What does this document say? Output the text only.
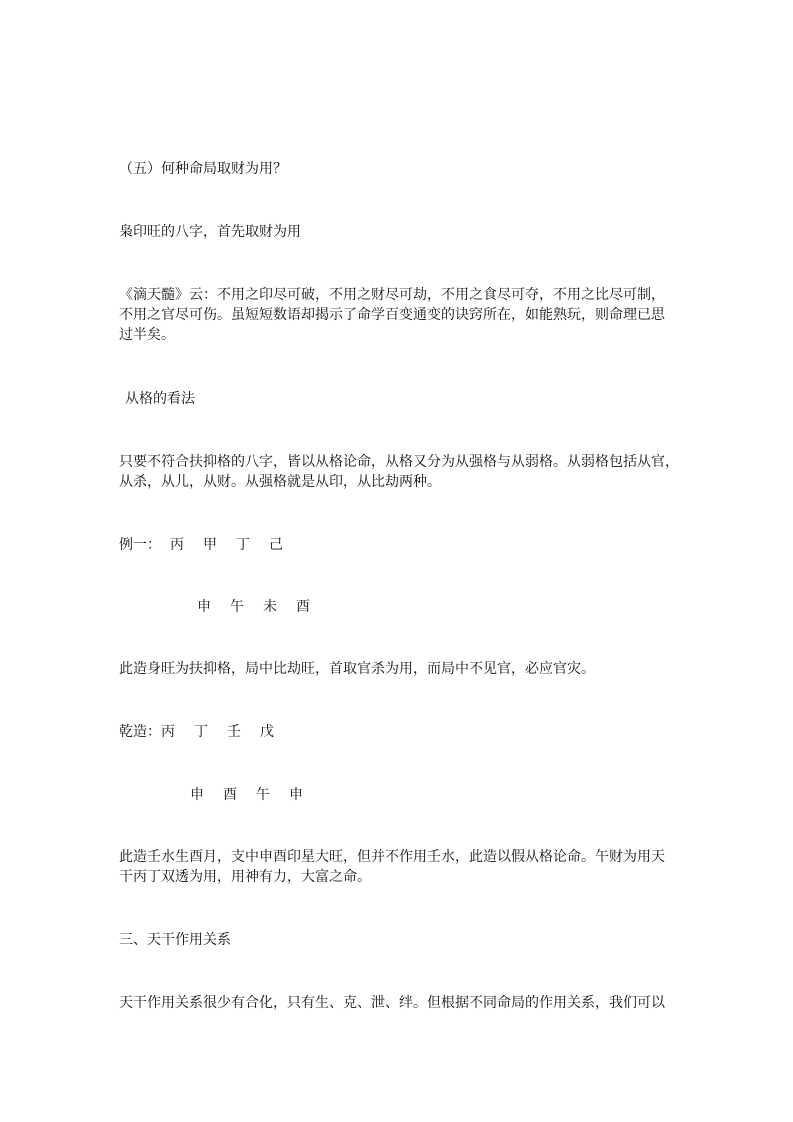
（五）何种命局取财为用？
枭印旺的八字，首先取财为用

《滴天髓》云：不用之印尽可破，不用之财尽可劫，不用之食尽可夺，不用之比尽可制，

不用之官尽可伤。虽短短数语却揭示了命学百变通变的诀窍所在，如能熟玩，则命理已思

过半矣。

从格的看法

只要不符合扶抑格的八字，皆以从格论命，从格又分为从强格与从弱格。从弱格包括从官，

从杀，从儿，从财。从强格就是从印，从比劫两种。

例一： 丙 甲 丁 己
申 午 未 酉
此造身旺为扶抑格，局中比劫旺，首取官杀为用，而局中不见官，必应官灾。
乾造：丙 丁 壬 戊
申 酉 午 申

此造壬水生酉月，支中申酉印星大旺，但并不作用壬水，此造以假从格论命。午财为用天

干丙丁双透为用，用神有力，大富之命。

三、天干作用关系
天干作用关系很少有合化，只有生、克、泄、绊。但根据不同命局的作用关系，我们可以
